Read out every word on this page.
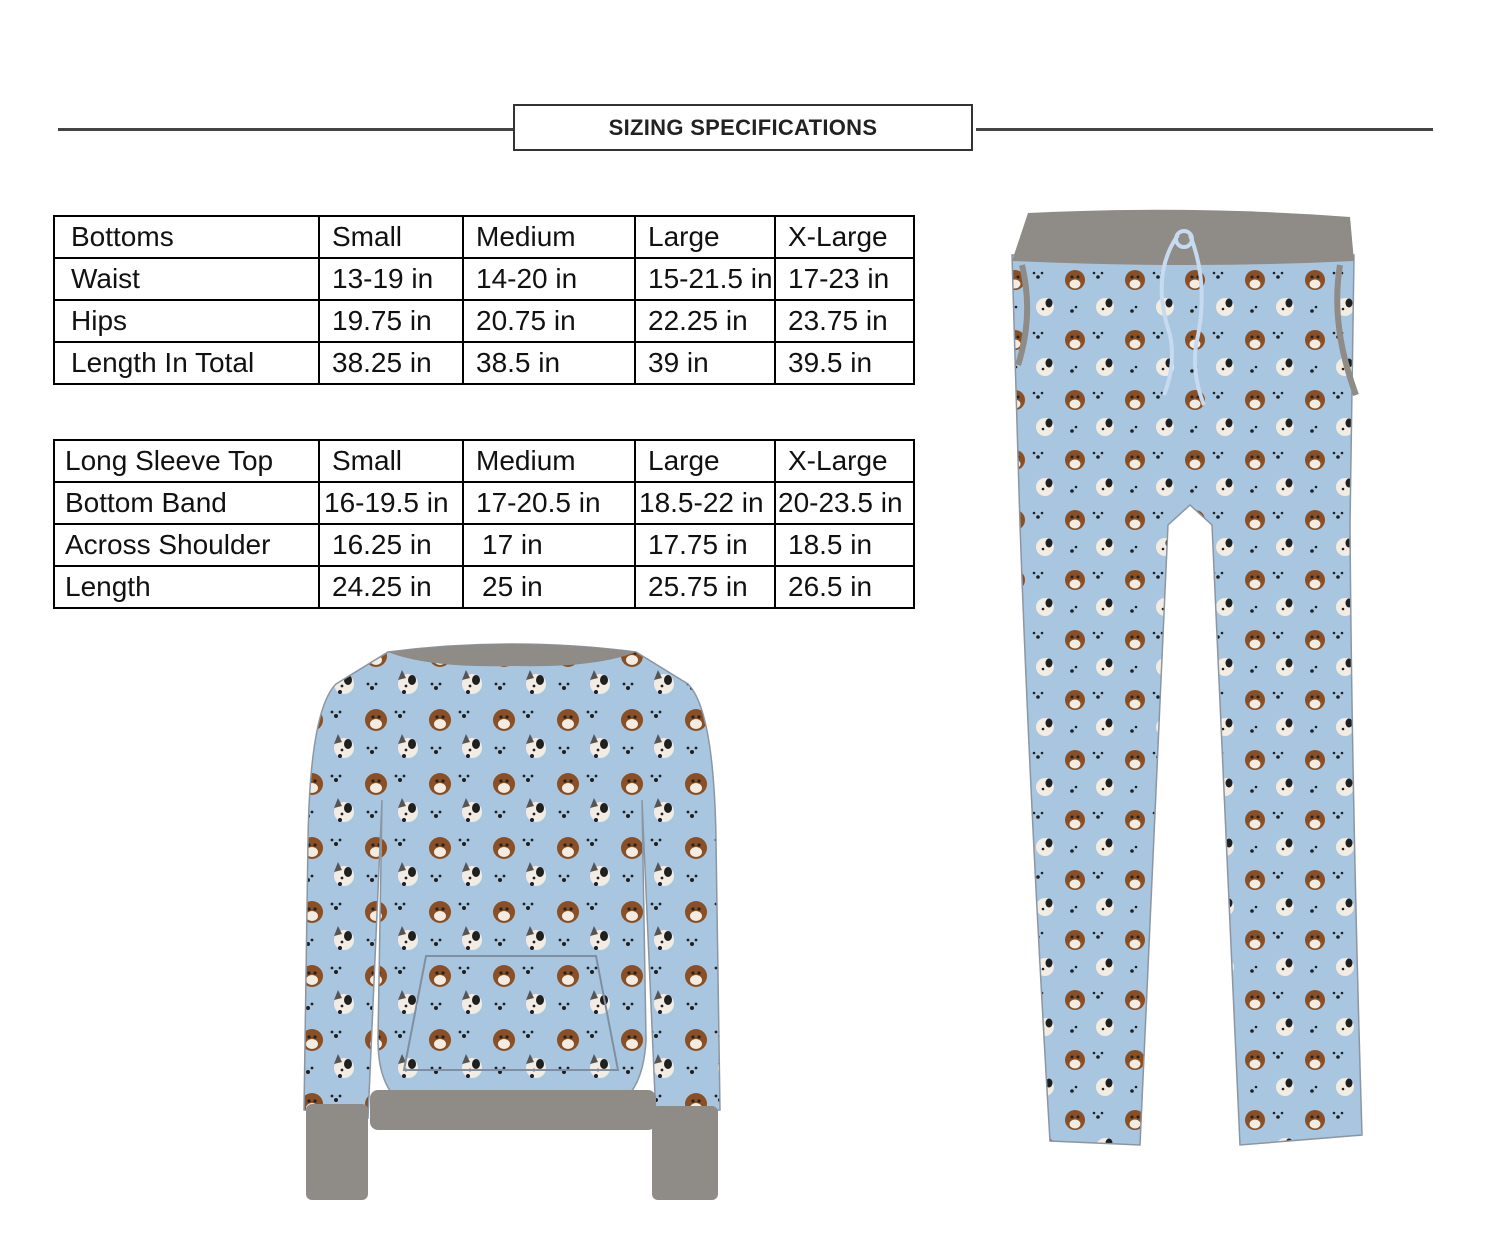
SIZING SPECIFICATIONS
Bottoms	Small	Medium	Large	X-Large
Waist	13-19 in	14-20 in	15-21.5 in	17-23 in
Hips	19.75 in	20.75 in	22.25 in	23.75 in
Length In Total	38.25 in	38.5 in	39 in	39.5 in
Long Sleeve Top	Small	Medium	Large	X-Large
Bottom Band	16-19.5 in	17-20.5 in	18.5-22 in	20-23.5 in
Across Shoulder	16.25 in	17 in	17.75 in	18.5 in
Length	24.25 in	25 in	25.75 in	26.5 in
